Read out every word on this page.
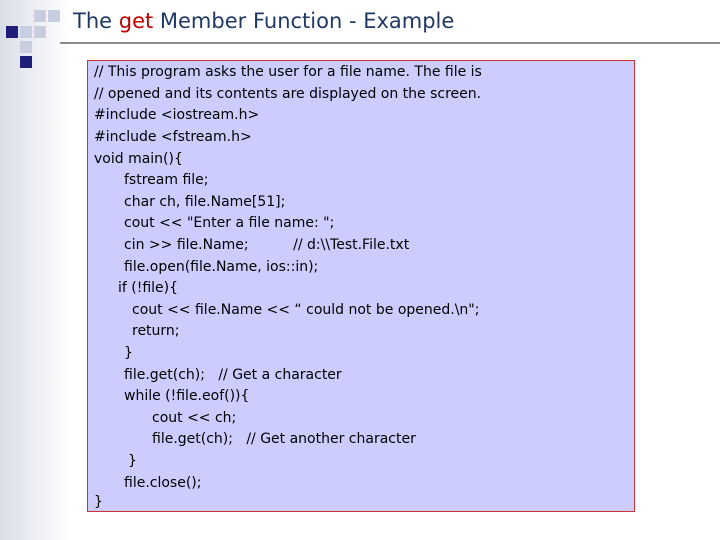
The get Member Function - Example
// This program asks the user for a file name. The file is
// opened and its contents are displayed on the screen.
#include <iostream.h>
#include <fstream.h>
void main(){
fstream file;
char ch, file.Name[51];
cout << "Enter a file name: ";
cin >> file.Name;          // d:\\Test.File.txt
file.open(file.Name, ios::in);
if (!file){
cout << file.Name << “ could not be opened.\n";
return;
}
file.get(ch);   // Get a character
while (!file.eof()){
cout << ch;
file.get(ch);   // Get another character
}
file.close();
}
